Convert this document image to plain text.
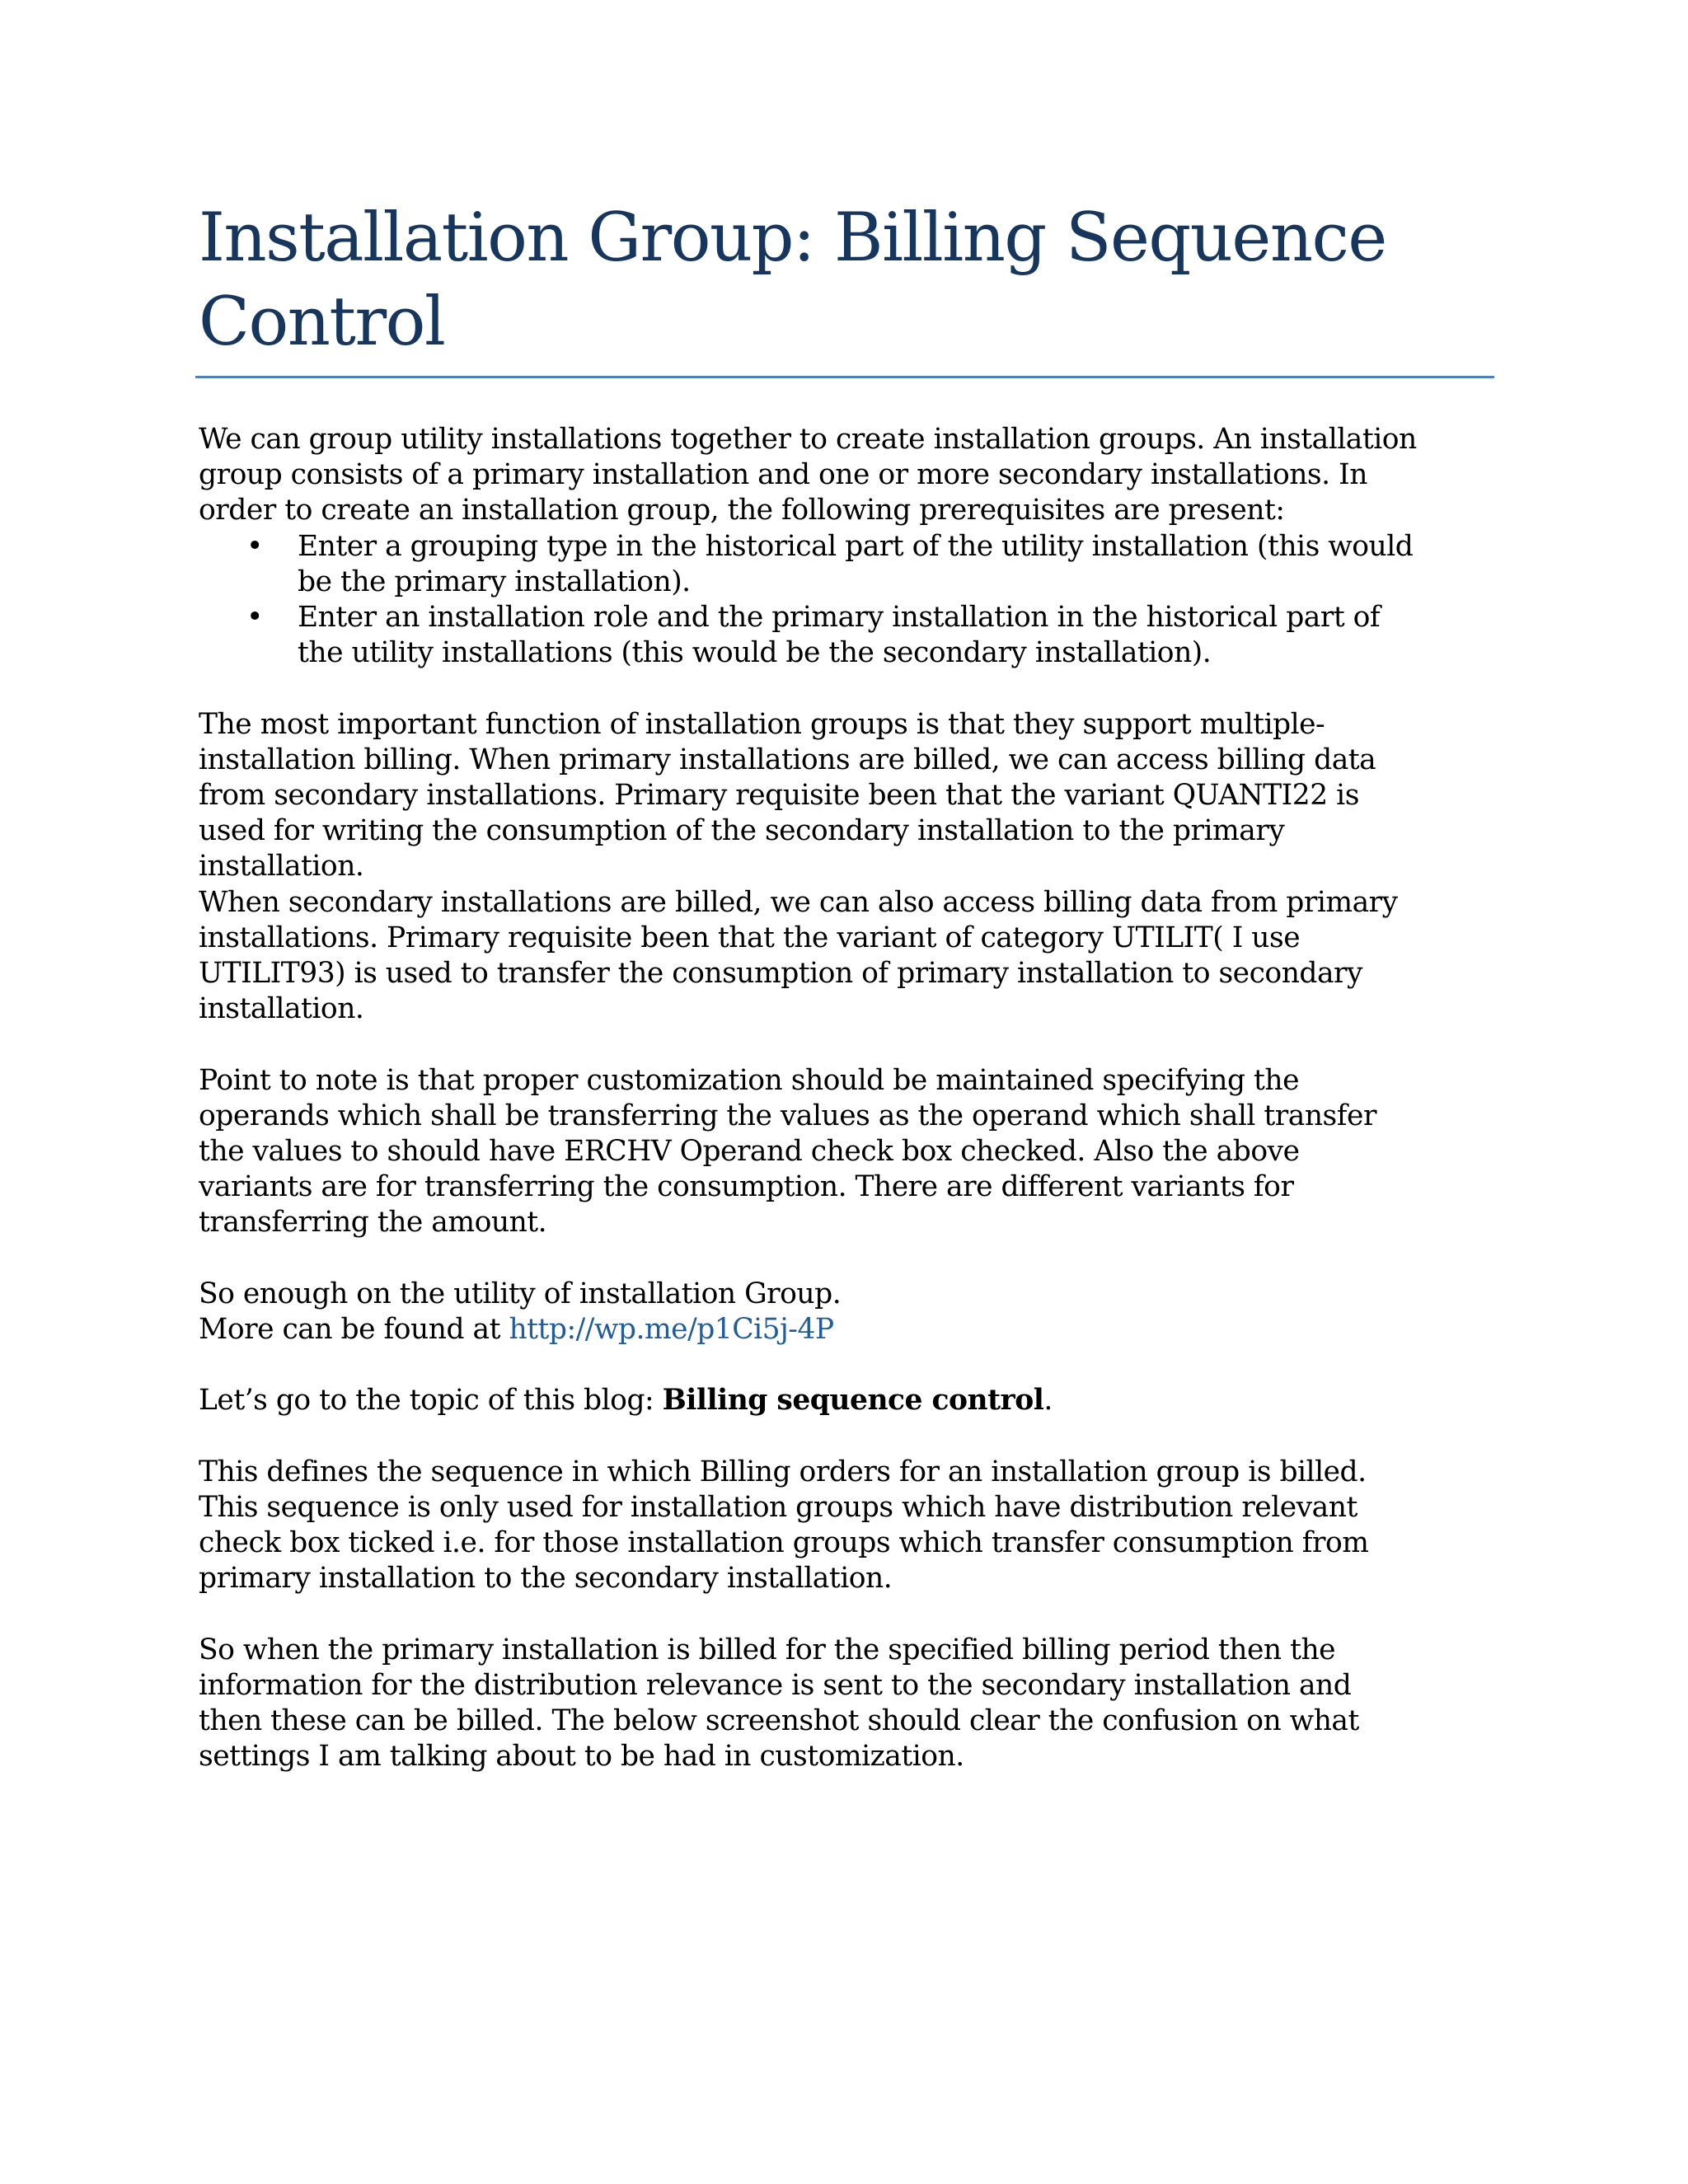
Installation Group: Billing Sequence
Control

We can group utility installations together to create installation groups. An installation
group consists of a primary installation and one or more secondary installations. In
order to create an installation group, the following prerequisites are present:

• Enter a grouping type in the historical part of the utility installation (this would
be the primary installation).
• Enter an installation role and the primary installation in the historical part of
the utility installations (this would be the secondary installation).

The most important function of installation groups is that they support multiple-
installation billing. When primary installations are billed, we can access billing data
from secondary installations. Primary requisite been that the variant QUANTI22 is
used for writing the consumption of the secondary installation to the primary
installation.
When secondary installations are billed, we can also access billing data from primary
installations. Primary requisite been that the variant of category UTILIT( I use
UTILIT93) is used to transfer the consumption of primary installation to secondary
installation.

Point to note is that proper customization should be maintained specifying the
operands which shall be transferring the values as the operand which shall transfer
the values to should have ERCHV Operand check box checked. Also the above
variants are for transferring the consumption. There are different variants for
transferring the amount.

So enough on the utility of installation Group.
More can be found at http://wp.me/p1Ci5j-4P

Let’s go to the topic of this blog: Billing sequence control.

This defines the sequence in which Billing orders for an installation group is billed.
This sequence is only used for installation groups which have distribution relevant
check box ticked i.e. for those installation groups which transfer consumption from
primary installation to the secondary installation.

So when the primary installation is billed for the specified billing period then the
information for the distribution relevance is sent to the secondary installation and
then these can be billed. The below screenshot should clear the confusion on what
settings I am talking about to be had in customization.
